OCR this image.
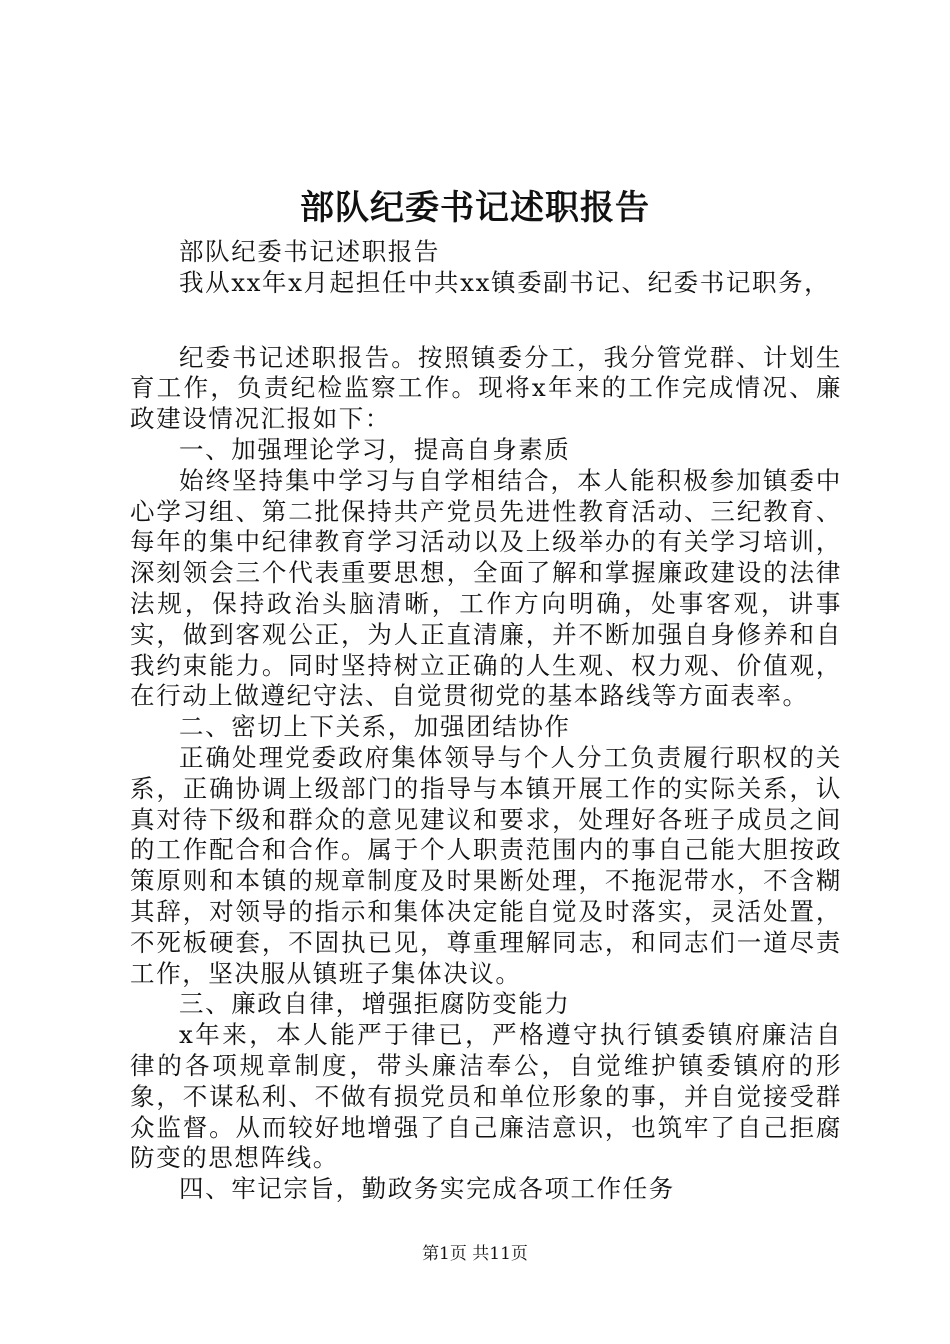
部队纪委书记述职报告

部队纪委书记述职报告

我从xx年x月起担任中共xx镇委副书记、纪委书记职务，

纪委书记述职报告。按照镇委分工，我分管党群、计划生育工作，负责纪检监察工作。现将x年来的工作完成情况、廉政建设情况汇报如下：

一、加强理论学习，提高自身素质

始终坚持集中学习与自学相结合，本人能积极参加镇委中心学习组、第二批保持共产党员先进性教育活动、三纪教育、每年的集中纪律教育学习活动以及上级举办的有关学习培训，深刻领会三个代表重要思想，全面了解和掌握廉政建设的法律法规，保持政治头脑清晰，工作方向明确，处事客观，讲事实，做到客观公正，为人正直清廉，并不断加强自身修养和自我约束能力。同时坚持树立正确的人生观、权力观、价值观，在行动上做遵纪守法、自觉贯彻党的基本路线等方面表率。

二、密切上下关系，加强团结协作

正确处理党委政府集体领导与个人分工负责履行职权的关系，正确协调上级部门的指导与本镇开展工作的实际关系，认真对待下级和群众的意见建议和要求，处理好各班子成员之间的工作配合和合作。属于个人职责范围内的事自己能大胆按政策原则和本镇的规章制度及时果断处理，不拖泥带水，不含糊其辞，对领导的指示和集体决定能自觉及时落实，灵活处置，不死板硬套，不固执已见，尊重理解同志，和同志们一道尽责工作，坚决服从镇班子集体决议。

三、廉政自律，增强拒腐防变能力

x年来，本人能严于律已，严格遵守执行镇委镇府廉洁自律的各项规章制度，带头廉洁奉公，自觉维护镇委镇府的形象，不谋私利、不做有损党员和单位形象的事，并自觉接受群众监督。从而较好地增强了自己廉洁意识，也筑牢了自己拒腐防变的思想阵线。

四、牢记宗旨，勤政务实完成各项工作任务

第1页 共11页
